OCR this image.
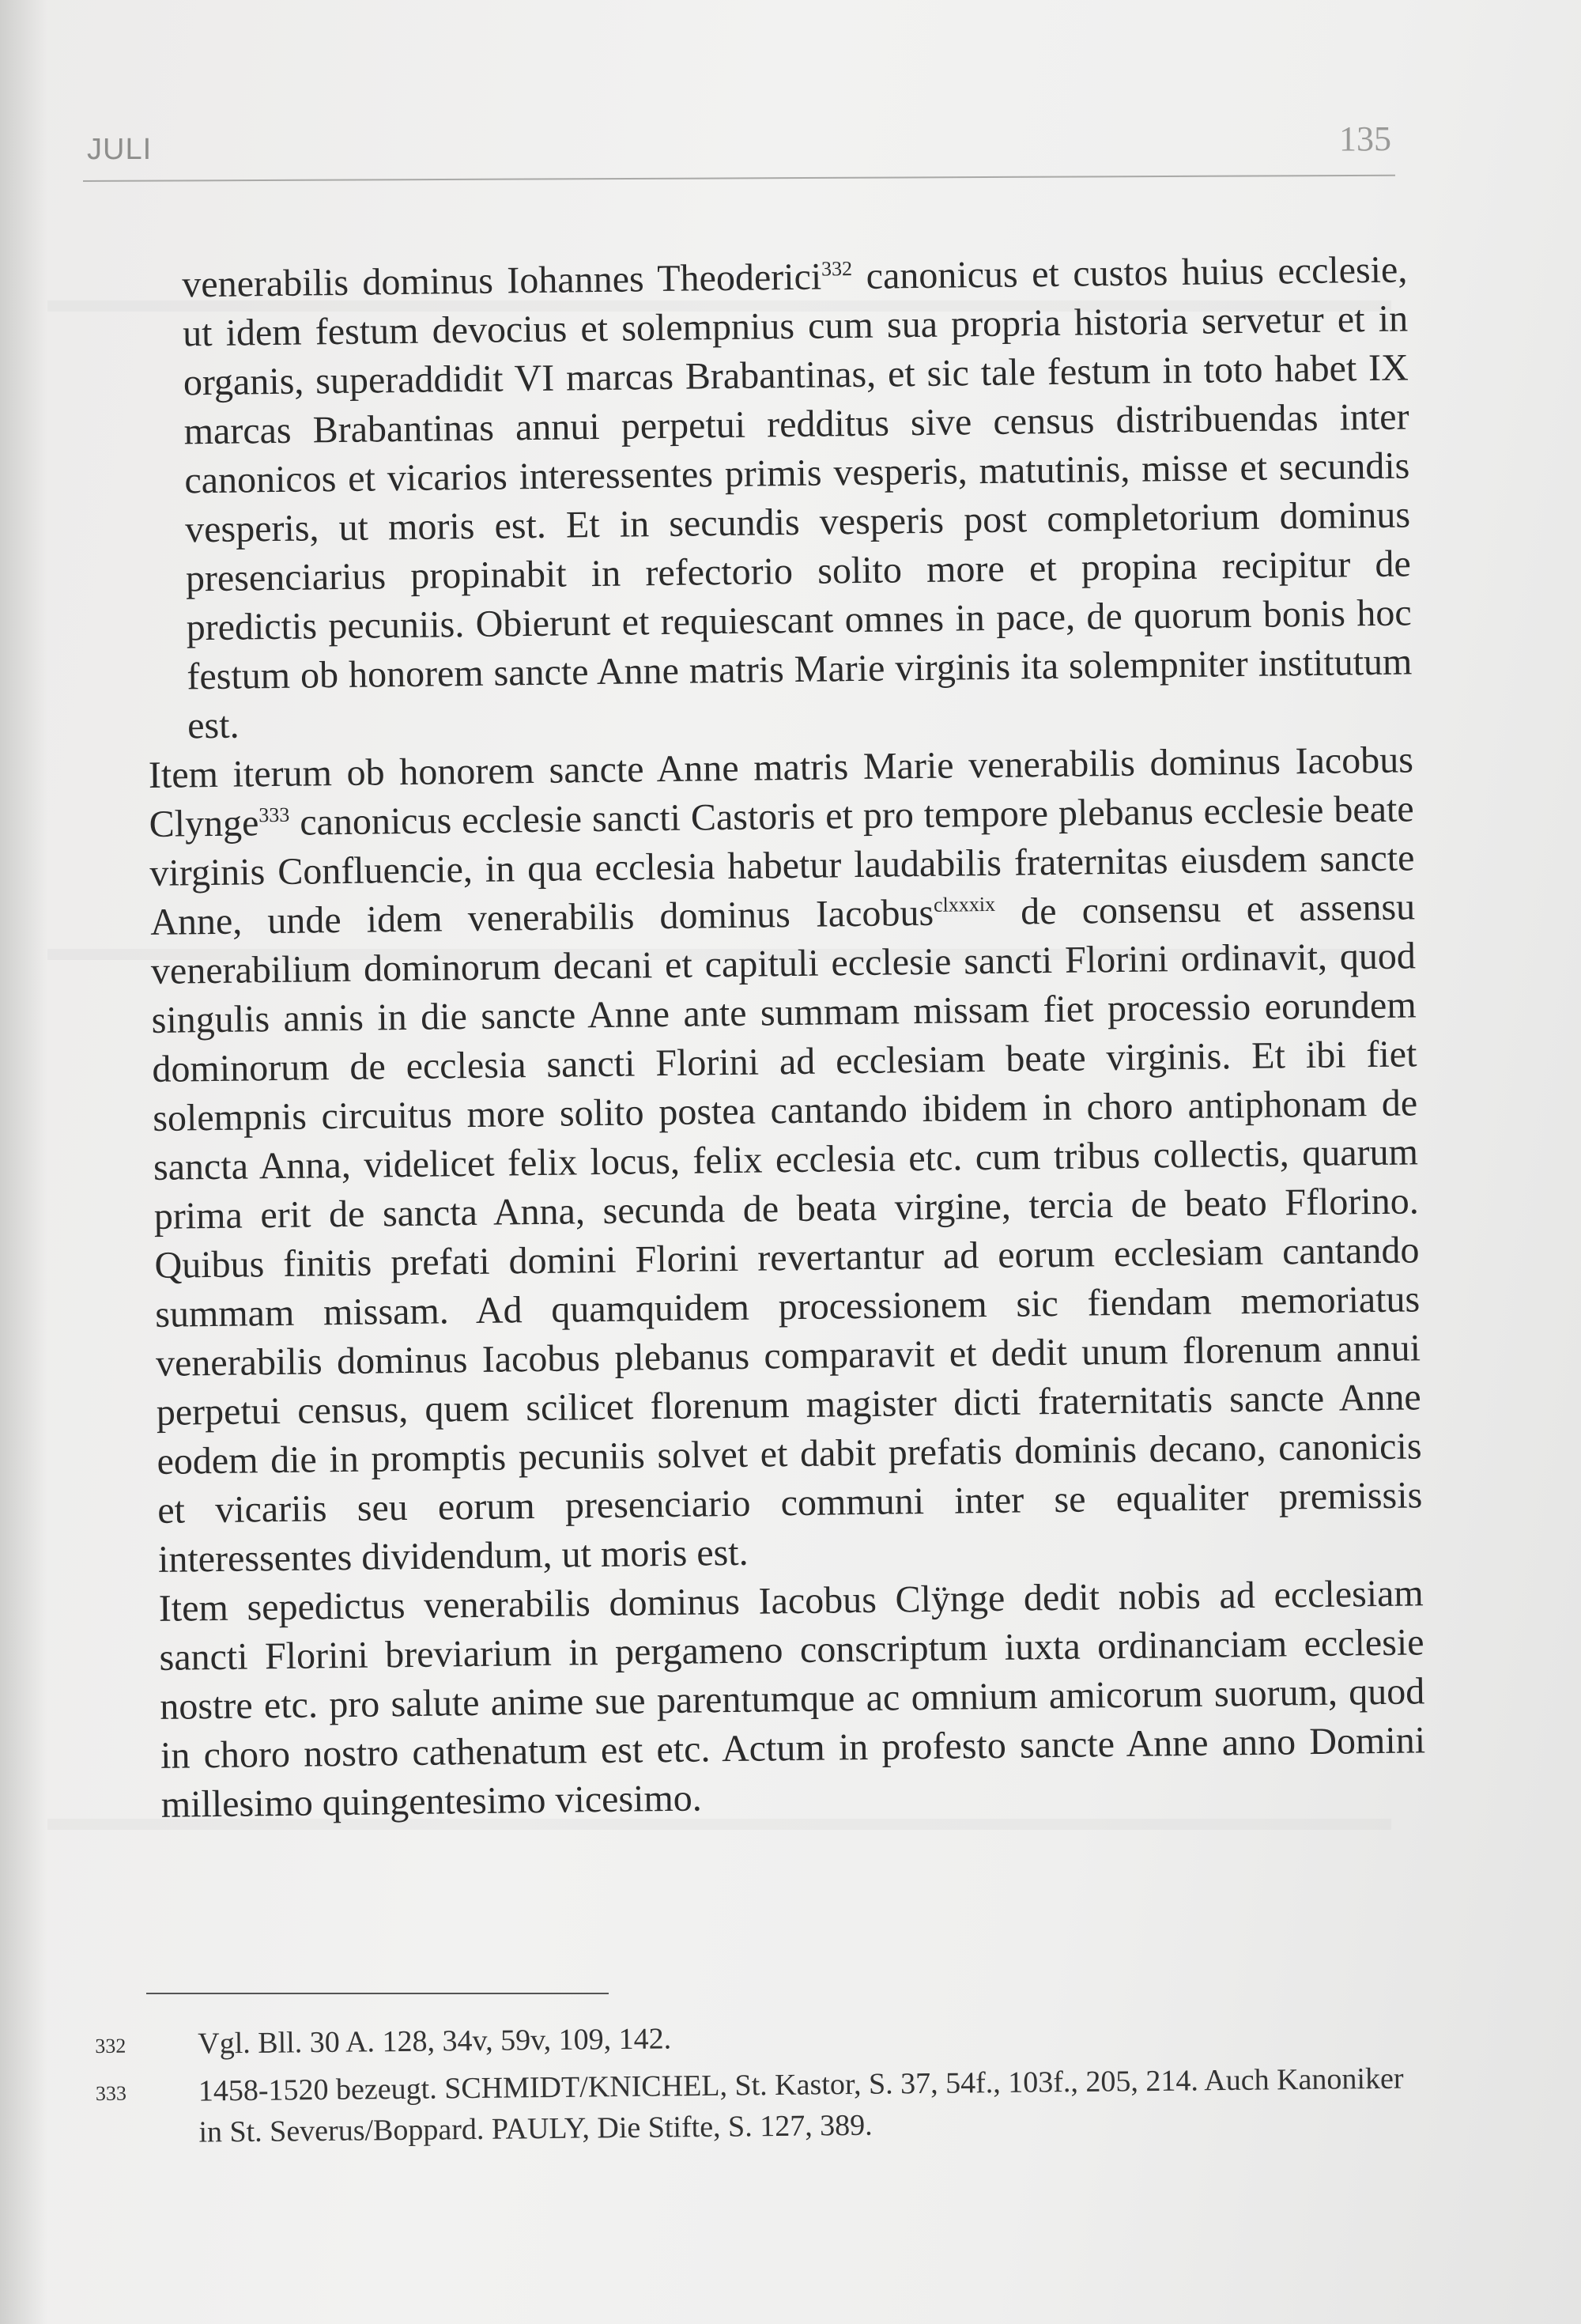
JULI	135

venerabilis dominus Iohannes Theoderici$^{332}$ canonicus et custos huius ecclesie, ut idem festum devocius et solempnius cum sua propria historia servetur et in organis, superaddidit VI marcas Brabantinas, et sic tale festum in toto habet IX marcas Brabantinas annui perpetui redditus sive census distribuendas inter canonicos et vicarios interessentes primis vesperis, matutinis, misse et secundis vesperis, ut moris est. Et in secundis vesperis post completorium dominus presenciarius propinabit in refectorio solito more et propina recipitur de predictis pecuniis. Obierunt et requiescant omnes in pace, de quorum bonis hoc festum ob honorem sancte Anne matris Marie virginis ita solempniter institutum est.

Item iterum ob honorem sancte Anne matris Marie venerabilis dominus Iacobus Clynge$^{333}$ canonicus ecclesie sancti Castoris et pro tempore plebanus ecclesie beate virginis Confluencie, in qua ecclesia habetur laudabilis fraternitas eiusdem sancte Anne, unde idem venerabilis dominus Iacobus$^{clxxxix}$ de consensu et assensu venerabilium dominorum decani et capituli ecclesie sancti Florini ordinavit, quod singulis annis in die sancte Anne ante summam missam fiet processio eorundem dominorum de ecclesia sancti Florini ad ecclesiam beate virginis. Et ibi fiet solempnis circuitus more solito postea cantando ibidem in choro antiphonam de sancta Anna, videlicet felix locus, felix ecclesia etc. cum tribus collectis, quarum prima erit de sancta Anna, secunda de beata virgine, tercia de beato Fflorino. Quibus finitis prefati domini Florini revertantur ad eorum ecclesiam cantando summam missam. Ad quamquidem processionem sic fiendam memoriatus venerabilis dominus Iacobus plebanus comparavit et dedit unum florenum annui perpetui census, quem scilicet florenum magister dicti fraternitatis sancte Anne eodem die in promptis pecuniis solvet et dabit prefatis dominis decano, canonicis et vicariis seu eorum presenciario communi inter se equaliter premissis interessentes dividendum, ut moris est.

Item sepedictus venerabilis dominus Iacobus Clÿnge dedit nobis ad ecclesiam sancti Florini breviarium in pergameno conscriptum iuxta ordinanciam ecclesie nostre etc. pro salute anime sue parentumque ac omnium amicorum suorum, quod in choro nostro cathenatum est etc. Actum in profesto sancte Anne anno Domini millesimo quingentesimo vicesimo.

332	Vgl. Bll. 30 A. 128, 34v, 59v, 109, 142.
333	1458-1520 bezeugt. SCHMIDT/KNICHEL, St. Kastor, S. 37, 54f., 103f., 205, 214. Auch Kanoniker in St. Severus/Boppard. PAULY, Die Stifte, S. 127, 389.
